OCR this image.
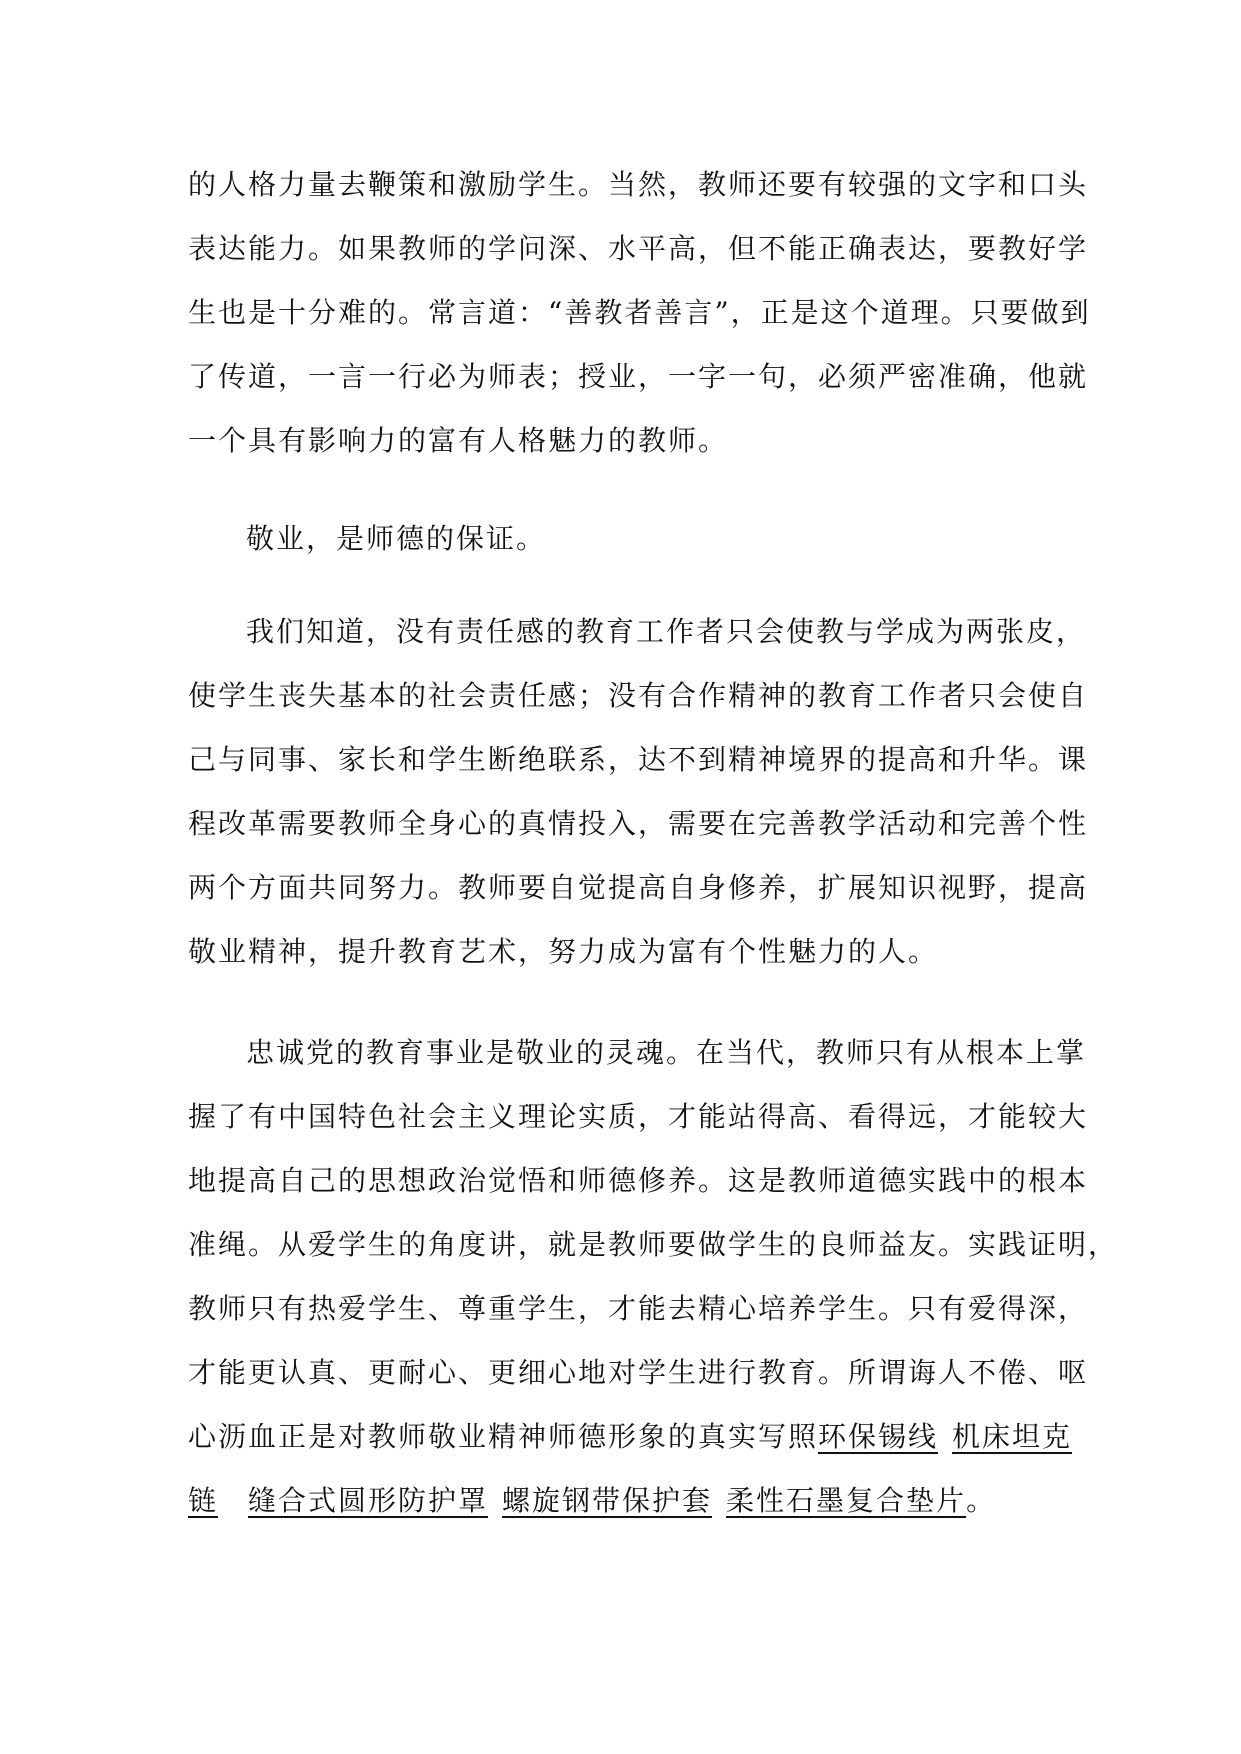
的人格力量去鞭策和激励学生。当然，教师还要有较强的文字和口头
表达能力。如果教师的学问深、水平高，但不能正确表达，要教好学
生也是十分难的。常言道：“善教者善言”，正是这个道理。只要做到
了传道，一言一行必为师表；授业，一字一句，必须严密准确，他就
一个具有影响力的富有人格魅力的教师。

敬业，是师德的保证。

我们知道，没有责任感的教育工作者只会使教与学成为两张皮，
使学生丧失基本的社会责任感；没有合作精神的教育工作者只会使自
己与同事、家长和学生断绝联系，达不到精神境界的提高和升华。课
程改革需要教师全身心的真情投入，需要在完善教学活动和完善个性
两个方面共同努力。教师要自觉提高自身修养，扩展知识视野，提高
敬业精神，提升教育艺术，努力成为富有个性魅力的人。

忠诚党的教育事业是敬业的灵魂。在当代，教师只有从根本上掌
握了有中国特色社会主义理论实质，才能站得高、看得远，才能较大
地提高自己的思想政治觉悟和师德修养。这是教师道德实践中的根本
准绳。从爱学生的角度讲，就是教师要做学生的良师益友。实践证明，
教师只有热爱学生、尊重学生，才能去精心培养学生。只有爱得深，
才能更认真、更耐心、更细心地对学生进行教育。所谓诲人不倦、呕
心沥血正是对教师敬业精神师德形象的真实写照环保锡线 机床坦克
链 缝合式圆形防护罩 螺旋钢带保护套 柔性石墨复合垫片。
